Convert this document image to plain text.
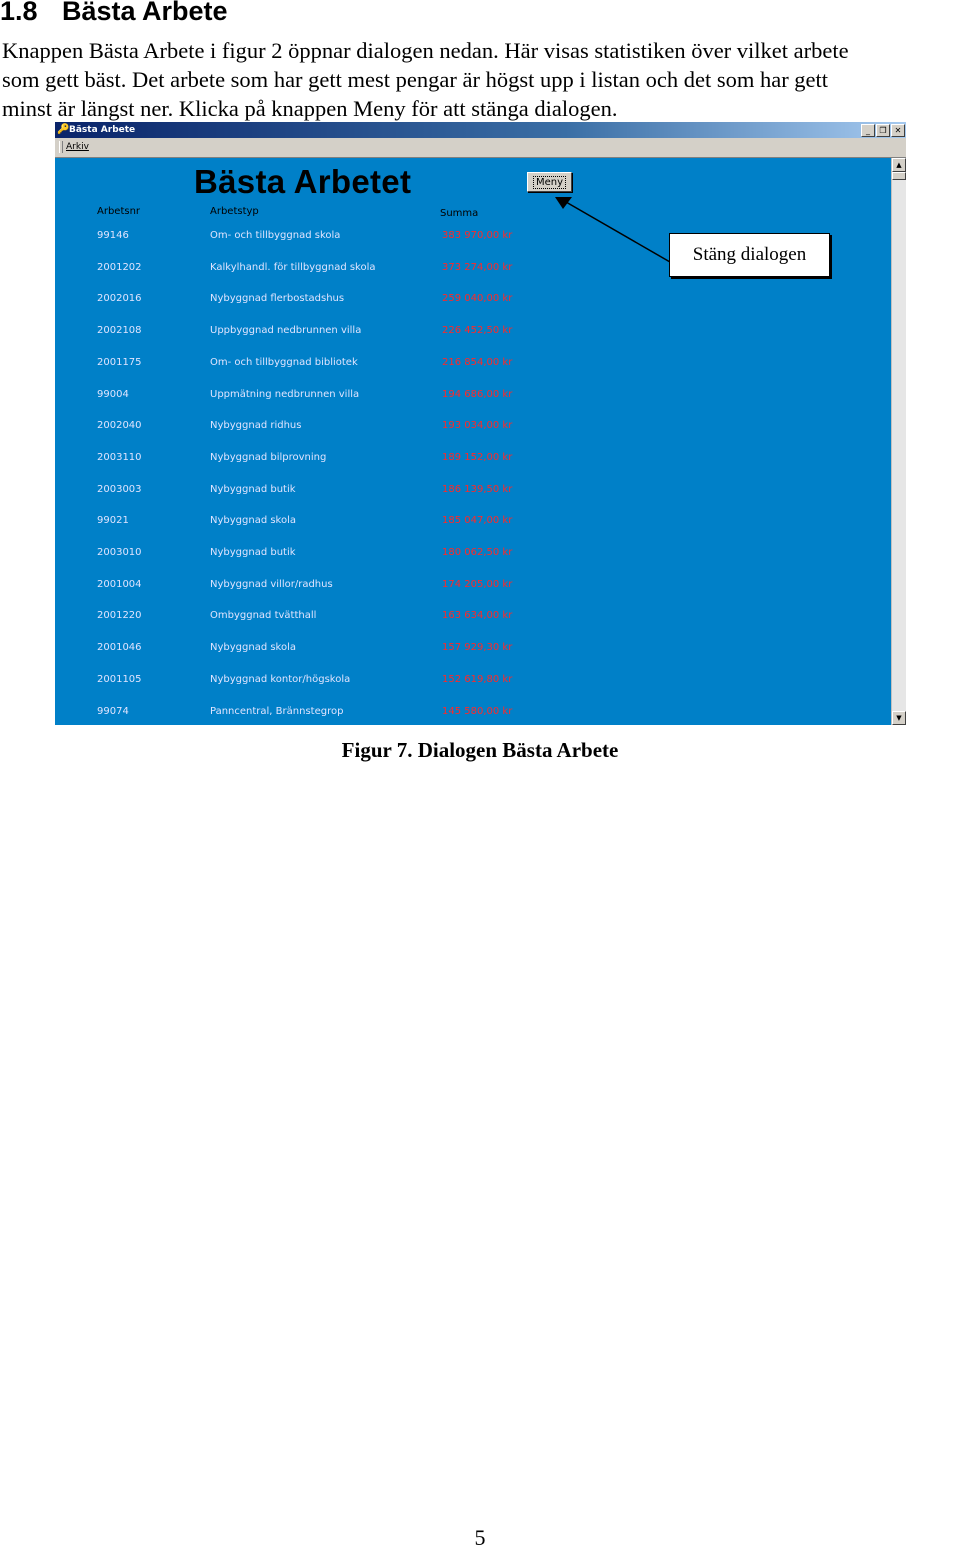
1.8 Bästa Arbete
Knappen Bästa Arbete i figur 2 öppnar dialogen nedan. Här visas statistiken över vilket arbete
som gett bäst. Det arbete som har gett mest pengar är högst upp i listan och det som har gett
minst är längst ner. Klicka på knappen Meny för att stänga dialogen.
🔑 Bästa Arbete	_	❐	✕
Arkiv
Bästa Arbetet	Meny
Arbetsnr	Arbetstyp	Summa
99146	Om- och tillbyggnad skola	383 970,00 kr
2001202	Kalkylhandl. för tillbyggnad skola	373 274,00 kr
2002016	Nybyggnad flerbostadshus	259 040,00 kr
2002108	Uppbyggnad nedbrunnen villa	226 452,50 kr
2001175	Om- och tillbyggnad bibliotek	216 854,00 kr
99004	Uppmätning nedbrunnen villa	194 686,00 kr
2002040	Nybyggnad ridhus	193 034,00 kr
2003110	Nybyggnad bilprovning	189 152,00 kr
2003003	Nybyggnad butik	186 139,50 kr
99021	Nybyggnad skola	185 047,00 kr
2003010	Nybyggnad butik	180 062,50 kr
2001004	Nybyggnad villor/radhus	174 205,00 kr
2001220	Ombyggnad tvätthall	163 634,00 kr
2001046	Nybyggnad skola	157 929,30 kr
2001105	Nybyggnad kontor/högskola	152 619,80 kr
99074	Panncentral, Brännstegrop	145 580,00 kr
▲
▼
Stäng dialogen
Figur 7. Dialogen Bästa Arbete
5
